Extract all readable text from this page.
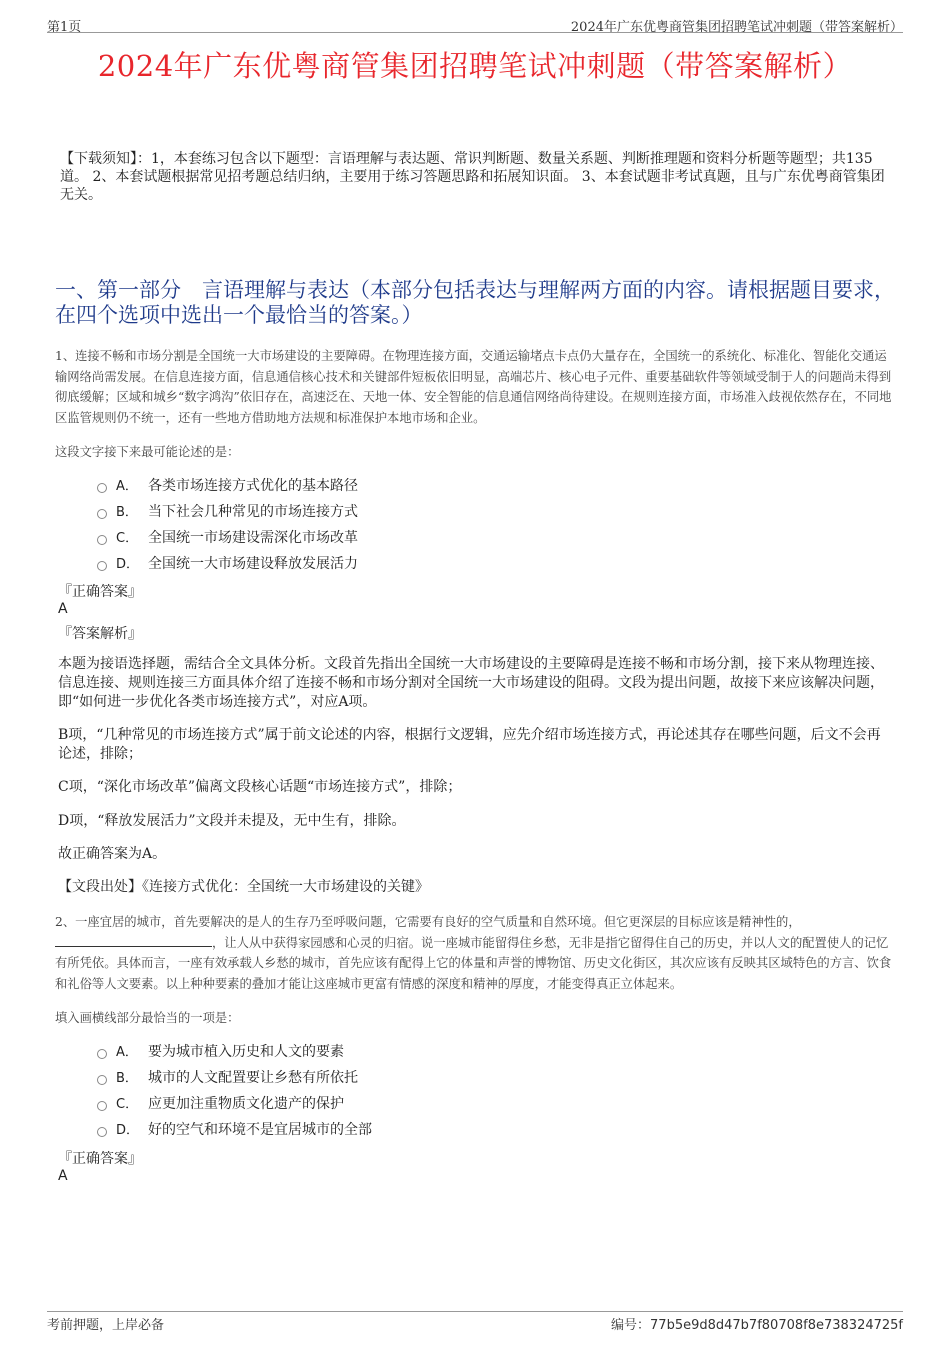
第1页	2024年广东优粤商管集团招聘笔试冲刺题（带答案解析）
2024年广东优粤商管集团招聘笔试冲刺题（带答案解析）
【下载须知】：1，本套练习包含以下题型：言语理解与表达题、常识判断题、数量关系题、判断推理题和资料分析题等题型；共135道。 2、本套试题根据常见招考题总结归纳，主要用于练习答题思路和拓展知识面。 3、本套试题非考试真题，且与广东优粤商管集团无关。
一、第一部分　言语理解与表达（本部分包括表达与理解两方面的内容。请根据题目要求，在四个选项中选出一个最恰当的答案。）
1、连接不畅和市场分割是全国统一大市场建设的主要障碍。在物理连接方面，交通运输堵点卡点仍大量存在，全国统一的系统化、标准化、智能化交通运输网络尚需发展。在信息连接方面，信息通信核心技术和关键部件短板依旧明显，高端芯片、核心电子元件、重要基础软件等领域受制于人的问题尚未得到彻底缓解；区域和城乡“数字鸿沟”依旧存在，高速泛在、天地一体、安全智能的信息通信网络尚待建设。在规则连接方面，市场准入歧视依然存在，不同地区监管规则仍不统一，还有一些地方借助地方法规和标准保护本地市场和企业。
这段文字接下来最可能论述的是：
A． 各类市场连接方式优化的基本路径
B． 当下社会几种常见的市场连接方式
C． 全国统一市场建设需深化市场改革
D． 全国统一大市场建设释放发展活力
『正确答案』
A
『答案解析』
本题为接语选择题，需结合全文具体分析。文段首先指出全国统一大市场建设的主要障碍是连接不畅和市场分割，接下来从物理连接、信息连接、规则连接三方面具体介绍了连接不畅和市场分割对全国统一大市场建设的阻碍。文段为提出问题，故接下来应该解决问题，即“如何进一步优化各类市场连接方式”，对应A项。
B项，“几种常见的市场连接方式”属于前文论述的内容，根据行文逻辑，应先介绍市场连接方式，再论述其存在哪些问题，后文不会再论述，排除；
C项，“深化市场改革”偏离文段核心话题“市场连接方式”，排除；
D项，“释放发展活力”文段并未提及，无中生有，排除。
故正确答案为A。
【文段出处】《连接方式优化：全国统一大市场建设的关键》
2、一座宜居的城市，首先要解决的是人的生存乃至呼吸问题，它需要有良好的空气质量和自然环境。但它更深层的目标应该是精神性的，，让人从中获得家园感和心灵的归宿。说一座城市能留得住乡愁，无非是指它留得住自己的历史，并以人文的配置使人的记忆有所凭依。具体而言，一座有效承载人乡愁的城市，首先应该有配得上它的体量和声誉的博物馆、历史文化街区，其次应该有反映其区域特色的方言、饮食和礼俗等人文要素。以上种种要素的叠加才能让这座城市更富有情感的深度和精神的厚度，才能变得真正立体起来。
填入画横线部分最恰当的一项是：
A． 要为城市植入历史和人文的要素
B． 城市的人文配置要让乡愁有所依托
C． 应更加注重物质文化遗产的保护
D． 好的空气和环境不是宜居城市的全部
『正确答案』
A
考前押题，上岸必备	编号：77b5e9d8d47b7f80708f8e738324725f
